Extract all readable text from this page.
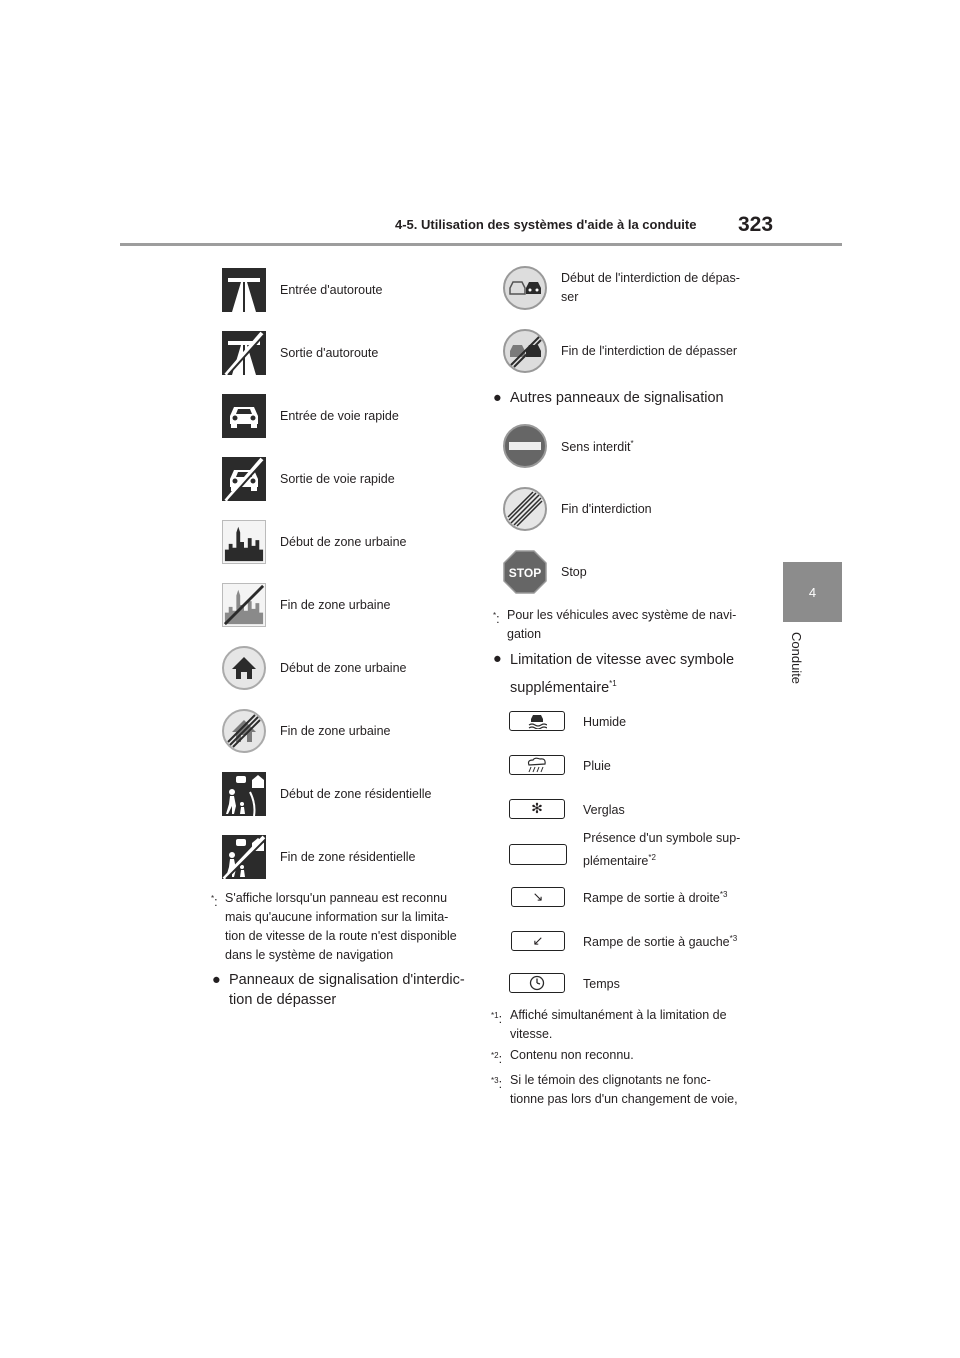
4-5. Utilisation des systèmes d'aide à la conduite 323
4
Conduite
Entrée d'autoroute
Sortie d'autoroute
Entrée de voie rapide
Sortie de voie rapide
Début de zone urbaine
Fin de zone urbaine
Début de zone urbaine
Fin de zone urbaine
Début de zone résidentielle
Fin de zone résidentielle
*: S'affiche lorsqu'un panneau est reconnu
mais qu'aucune information sur la limita-
tion de vitesse de la route n'est disponible
dans le système de navigation
● Panneaux de signalisation d'interdic-
tion de dépasser
Début de l'interdiction de dépas-
ser
Fin de l'interdiction de dépasser
● Autres panneaux de signalisation
Sens interdit*
Fin d'interdiction
STOP Stop
*: Pour les véhicules avec système de navi-
gation
● Limitation de vitesse avec symbole
supplémentaire$^{*1}$
Humide
Pluie
✻	Verglas
Présence d'un symbole sup-
plémentaire$^{*2}$
↘	Rampe de sortie à droite$^{*3}$
↙	Rampe de sortie à gauche$^{*3}$
Temps
$^{*1}$: Affiché simultanément à la limitation de
vitesse.
$^{*2}$: Contenu non reconnu.
$^{*3}$: Si le témoin des clignotants ne fonc-
tionne pas lors d'un changement de voie,
